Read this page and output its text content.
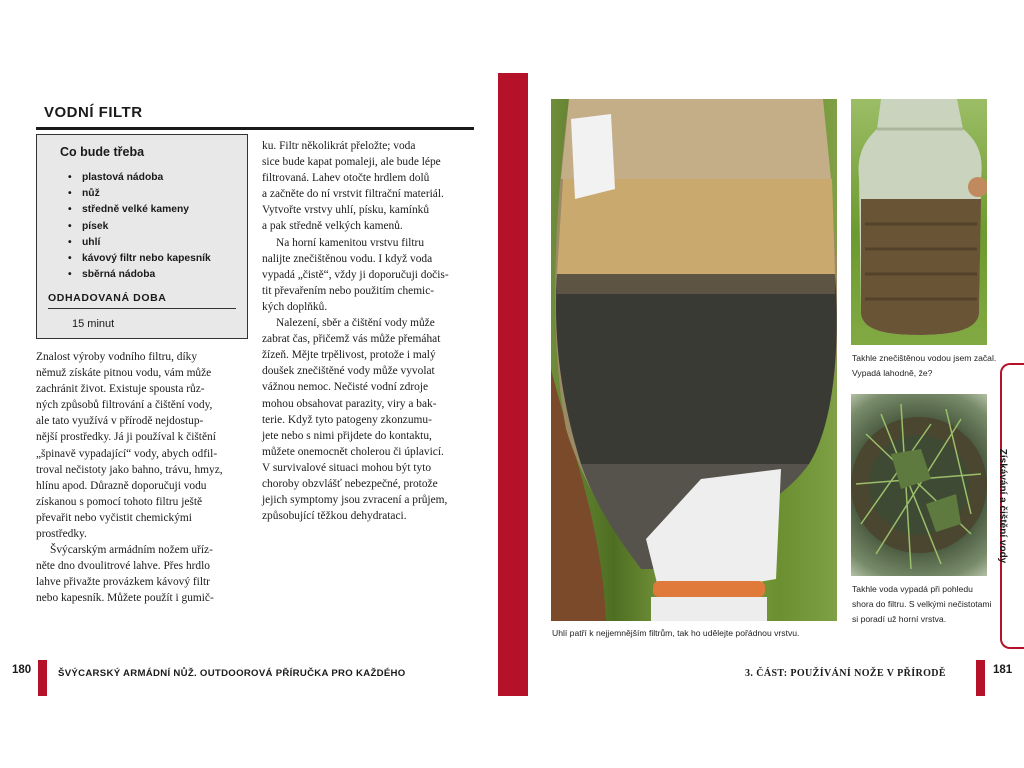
VODNÍ FILTR
Co bude třeba
• plastová nádoba
• nůž
• středně velké kameny
• písek
• uhlí
• kávový filtr nebo kapesník
• sběrná nádoba
ODHADOVANÁ DOBA
15 minut
Znalost výroby vodního filtru, díky
němuž získáte pitnou vodu, vám může
zachránit život. Existuje spousta růz-
ných způsobů filtrování a čištění vody,
ale tato využívá v přírodě nejdostup-
nější prostředky. Já ji používal k čištění
„špinavě vypadající“ vody, abych odfil-
troval nečistoty jako bahno, trávu, hmyz,
hlínu apod. Důrazně doporučuji vodu
získanou s pomocí tohoto filtru ještě
převařit nebo vyčistit chemickými
prostředky.
Švýcarským armádním nožem uříz-
něte dno dvoulitrové lahve. Přes hrdlo
lahve přivažte provázkem kávový filtr
nebo kapesník. Můžete použít i gumič-
ku. Filtr několikrát přeložte; voda
sice bude kapat pomaleji, ale bude lépe
filtrovaná. Lahev otočte hrdlem dolů
a začněte do ní vrstvit filtrační materiál.
Vytvořte vrstvy uhlí, písku, kamínků
a pak středně velkých kamenů.
Na horní kamenitou vrstvu filtru
nalijte znečištěnou vodu. I když voda
vypadá „čistě“, vždy ji doporučuji dočis-
tit převařením nebo použitím chemic-
kých doplňků.
Nalezení, sběr a čištění vody může
zabrat čas, přičemž vás může přemáhat
žízeň. Mějte trpělivost, protože i malý
doušek znečištěné vody může vyvolat
vážnou nemoc. Nečisté vodní zdroje
mohou obsahovat parazity, viry a bak-
terie. Když tyto patogeny zkonzumu-
jete nebo s nimi přijdete do kontaktu,
můžete onemocnět cholerou či úplavicí.
V survivalové situaci mohou být tyto
choroby obzvlášť nebezpečné, protože
jejich symptomy jsou zvracení a průjem,
způsobující těžkou dehydrataci.
180	ŠVÝCARSKÝ ARMÁDNÍ NŮŽ. OUTDOOROVÁ PŘÍRUČKA PRO KAŽDÉHO
Uhlí patří k nejjemnějším filtrům, tak ho udělejte pořádnou vrstvu.
Takhle znečištěnou vodou jsem začal.
Vypadá lahodně, že?
Takhle voda vypadá při pohledu
shora do filtru. S velkými nečistotami
si poradí už horní vrstva.
Získávání a čištění vody
3. ČÁST: POUŽÍVÁNÍ NOŽE V PŘÍRODĚ	181
